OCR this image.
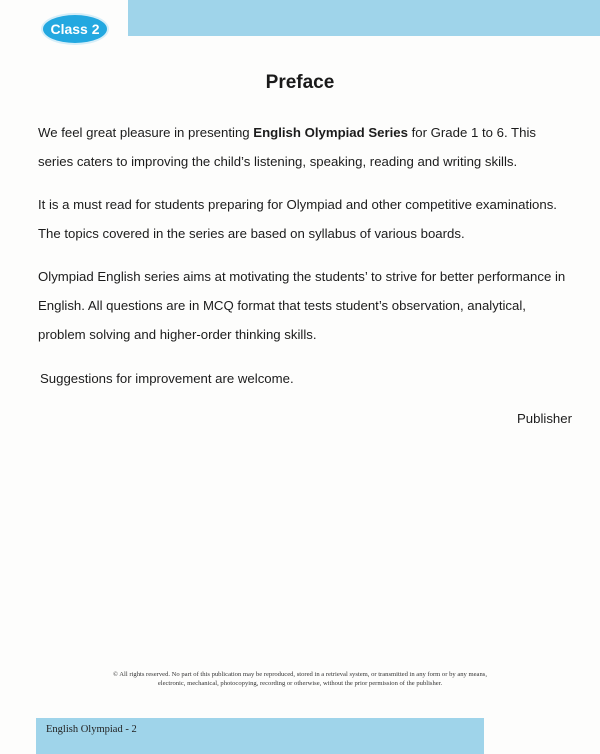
Class 2
Preface

We feel great pleasure in presenting English Olympiad Series for Grade 1 to 6. This series caters to improving the child’s listening, speaking, reading and writing skills.

It is a must read for students preparing for Olympiad and other competitive examinations. The topics covered in the series are based on syllabus of various boards.

Olympiad English series aims at motivating the students’ to strive for better performance in English. All questions are in MCQ format that tests student’s observation, analytical, problem solving and higher-order thinking skills.

Suggestions for improvement are welcome.

Publisher
© All rights reserved. No part of this publication may be reproduced, stored in a retrieval system, or transmitted in any form or by any means,
electronic, mechanical, photocopying, recording or otherwise, without the prior permission of the publisher.
English Olympiad - 2
